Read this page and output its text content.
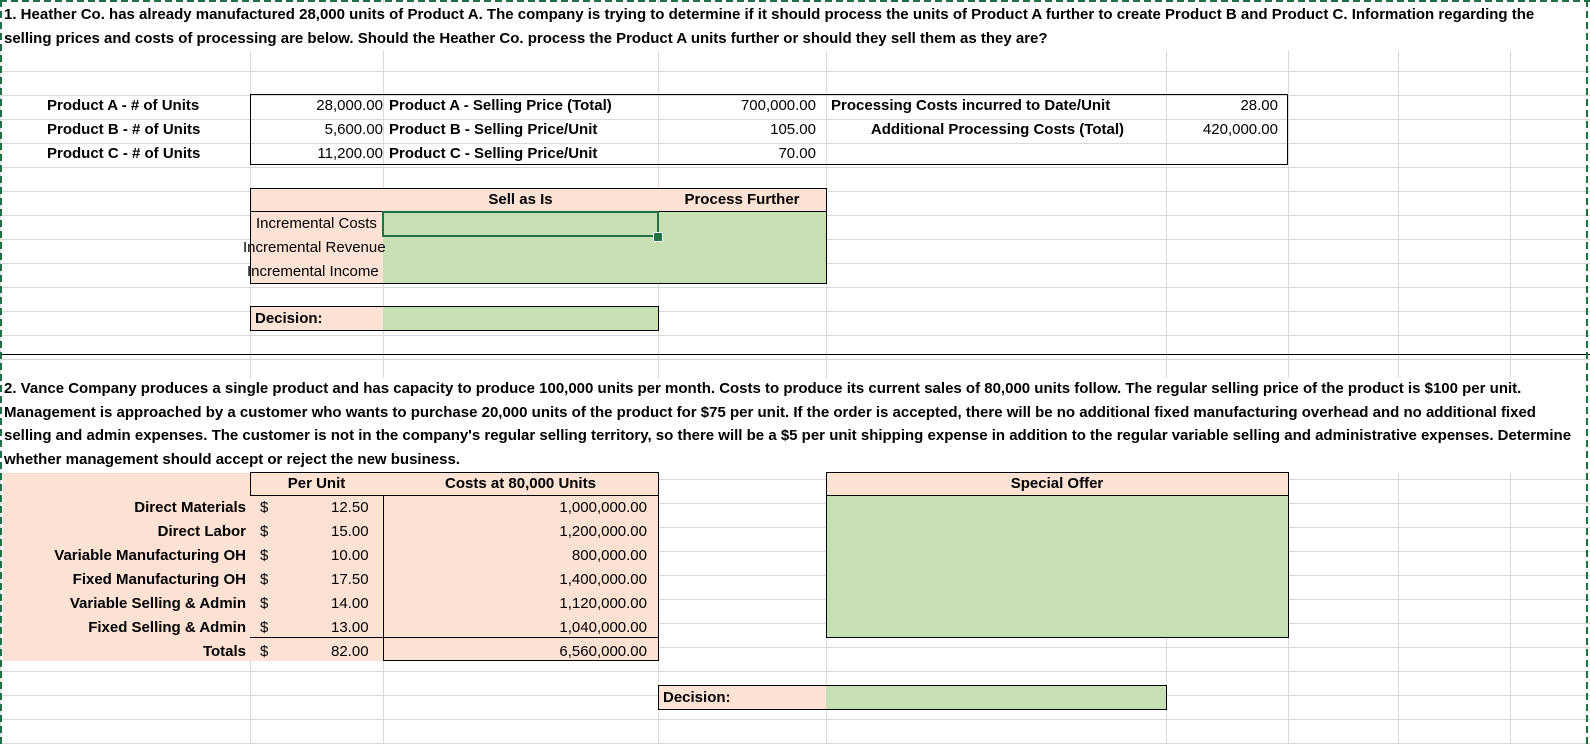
1. Heather Co. has already manufactured 28,000 units of Product A. The company is trying to determine if it should process the units of Product A further to create Product B and Product C. Information regarding the selling prices and costs of processing are below. Should the Heather Co. process the Product A units further or should they sell them as they are?
Product A - # of Units
Product B - # of Units
Product C - # of Units
28,000.00
5,600.00
11,200.00
Product A - Selling Price (Total)
Product B - Selling Price/Unit
Product C - Selling Price/Unit
700,000.00
105.00
70.00
Processing Costs incurred to Date/Unit
Additional Processing Costs (Total)
28.00
420,000.00
Sell as Is	Process Further
Incremental Costs
Incremental Revenue
Incremental Income
Decision:
2. Vance Company produces a single product and has capacity to produce 100,000 units per month. Costs to produce its current sales of 80,000 units follow. The regular selling price of the product is $100 per unit. Management is approached by a customer who wants to purchase 20,000 units of the product for $75 per unit. If the order is accepted, there will be no additional fixed manufacturing overhead and no additional fixed selling and admin expenses. The customer is not in the company's regular selling territory, so there will be a $5 per unit shipping expense in addition to the regular variable selling and administrative expenses. Determine whether management should accept or reject the new business.
Per Unit	Costs at 80,000 Units
Direct Materials
Direct Labor
Variable Manufacturing OH
Fixed Manufacturing OH
Variable Selling & Admin
Fixed Selling & Admin
Totals
$
$
$
$
$
$
$
12.50
15.00
10.00
17.50
14.00
13.00
82.00
1,000,000.00
1,200,000.00
800,000.00
1,400,000.00
1,120,000.00
1,040,000.00
6,560,000.00
Special Offer
Decision:
